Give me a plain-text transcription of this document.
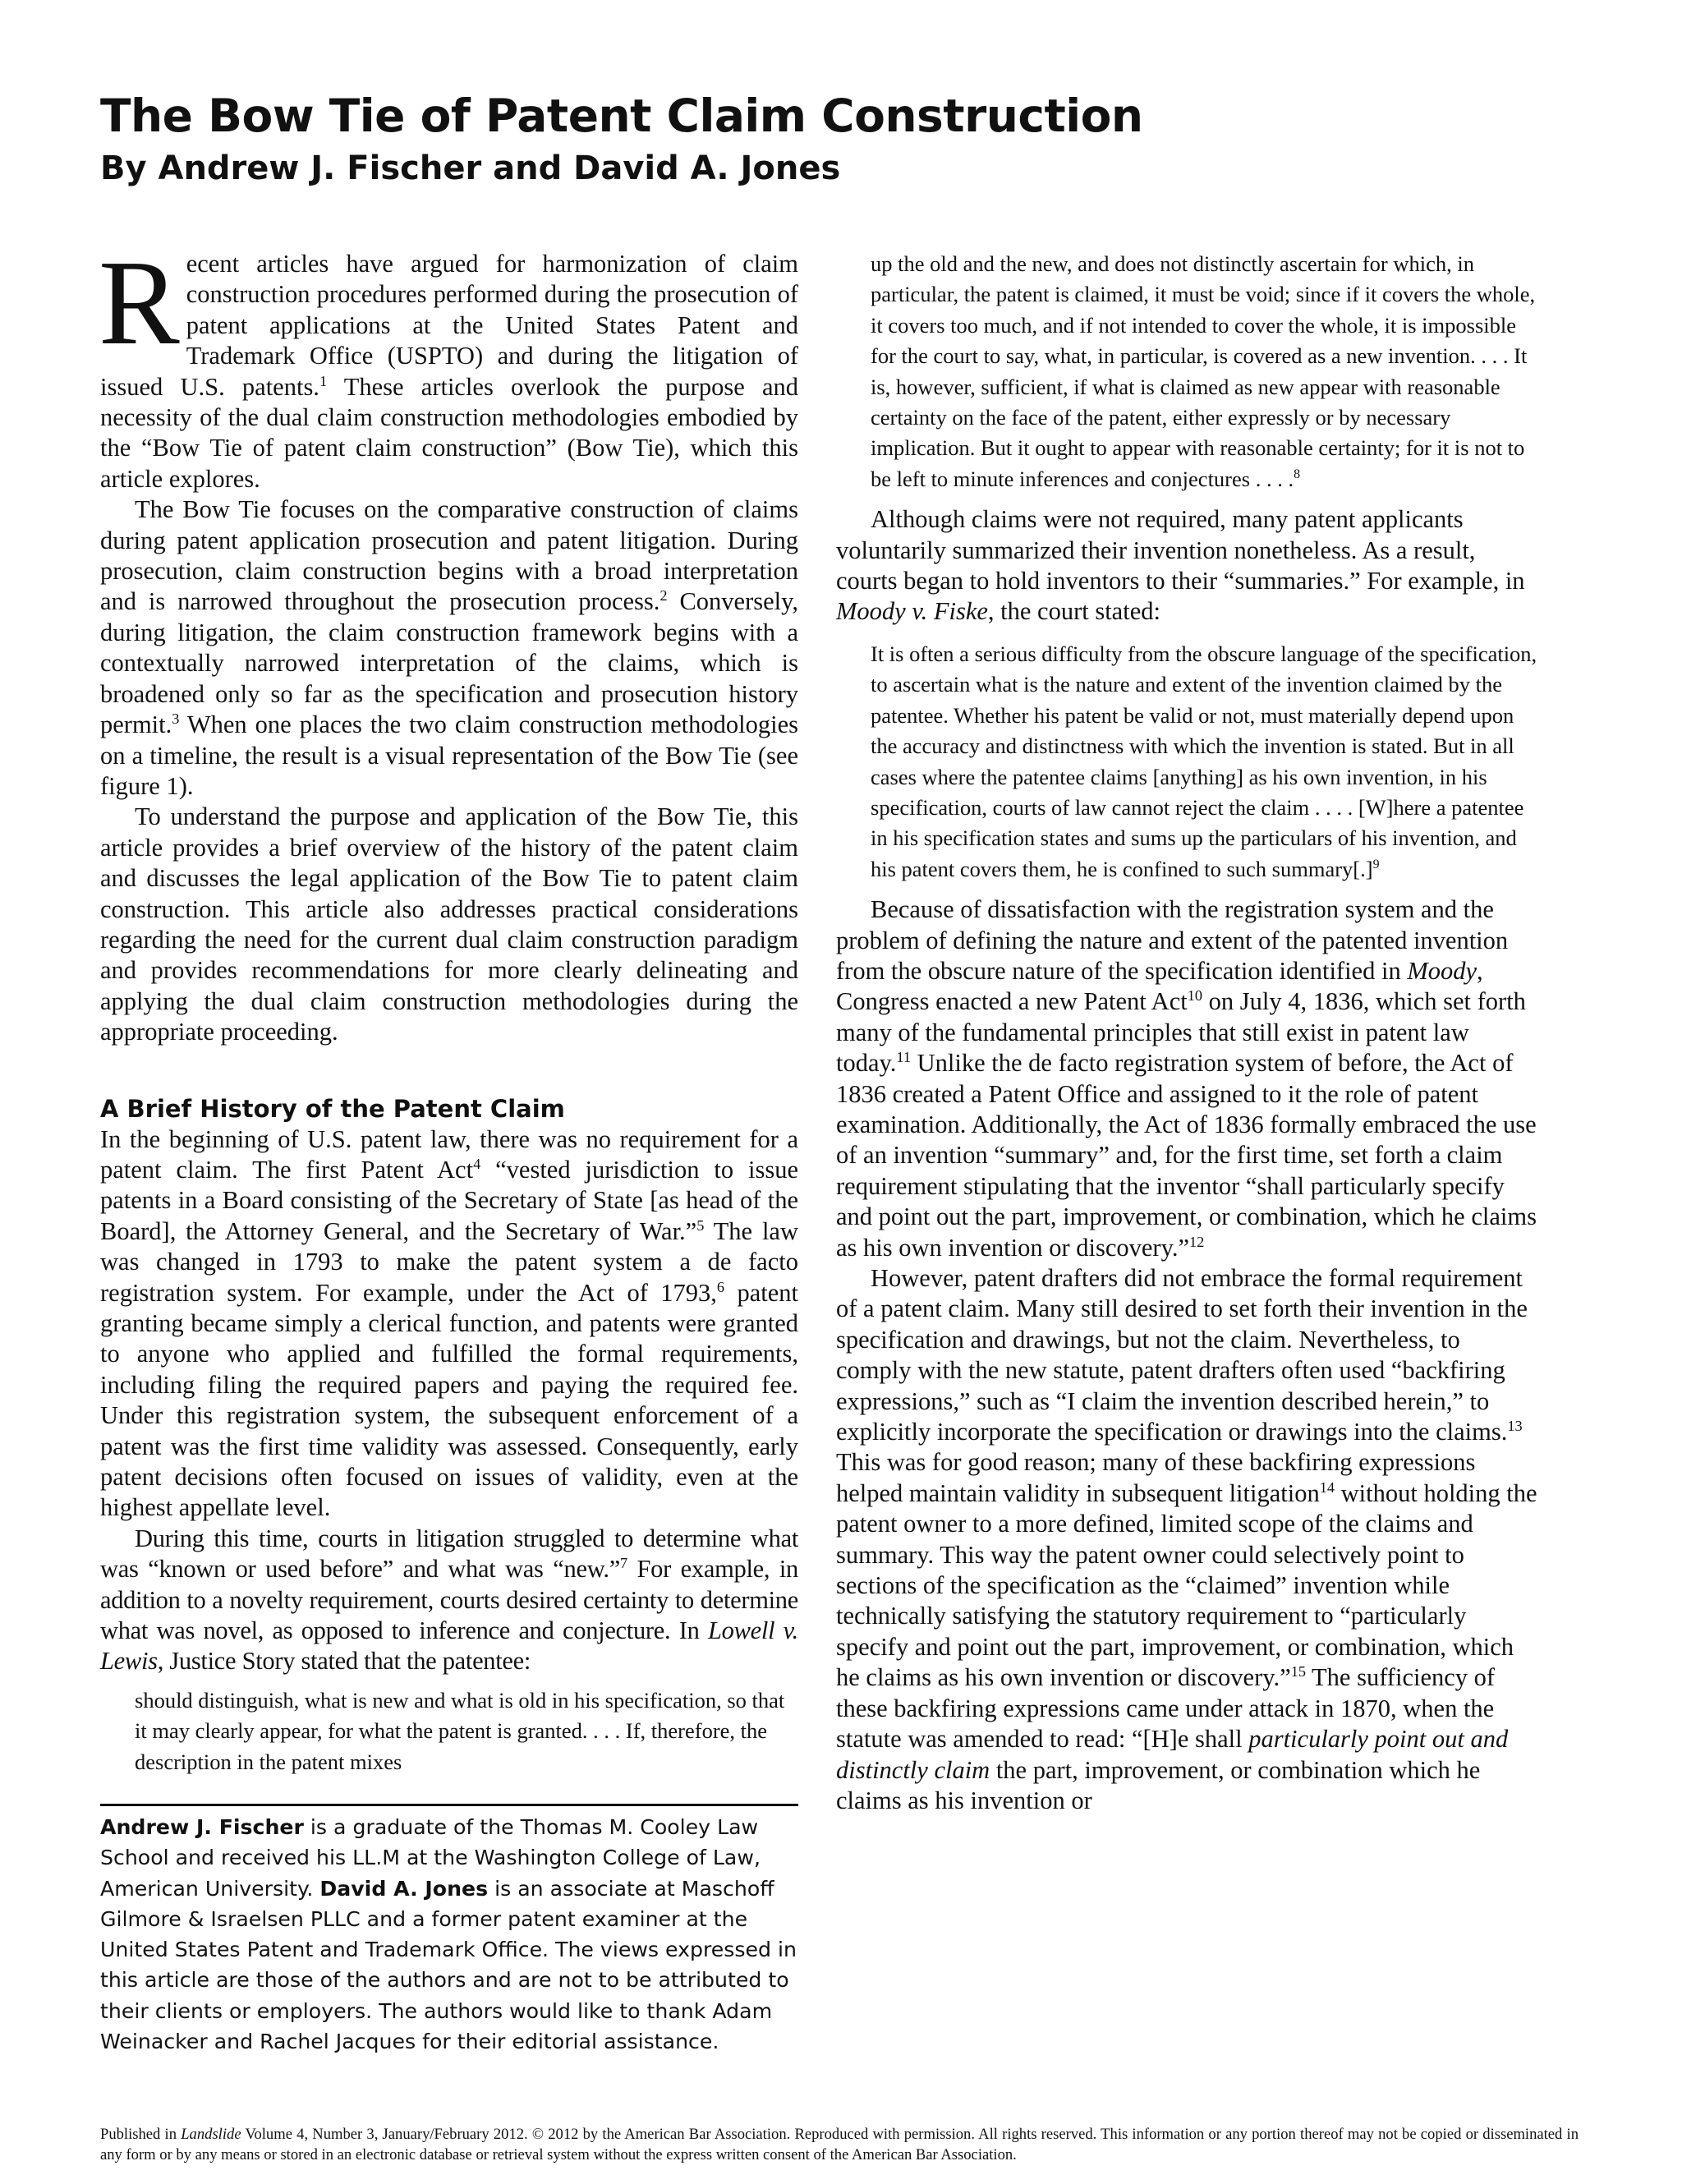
The Bow Tie of Patent Claim Construction
By Andrew J. Fischer and David A. Jones

Recent articles have argued for harmonization of claim construction procedures performed during the prosecution of patent applications at the United States Patent and Trademark Office (USPTO) and during the litigation of issued U.S. patents.$^1$ These articles overlook the purpose and necessity of the dual claim construction methodologies embodied by the “Bow Tie of patent claim construction” (Bow Tie), which this article explores.

The Bow Tie focuses on the comparative construction of claims during patent application prosecution and patent litigation. During prosecution, claim construction begins with a broad interpretation and is narrowed throughout the prosecution process.$^2$ Conversely, during litigation, the claim construction framework begins with a contextually narrowed interpretation of the claims, which is broadened only so far as the specification and prosecution history permit.$^3$ When one places the two claim construction methodologies on a timeline, the result is a visual representation of the Bow Tie (see figure 1).

To understand the purpose and application of the Bow Tie, this article provides a brief overview of the history of the patent claim and discusses the legal application of the Bow Tie to patent claim construction. This article also addresses practical considerations regarding the need for the current dual claim construction paradigm and provides recommendations for more clearly delineating and applying the dual claim construction methodologies during the appropriate proceeding.

A Brief History of the Patent Claim

In the beginning of U.S. patent law, there was no requirement for a patent claim. The first Patent Act$^4$ “vested jurisdiction to issue patents in a Board consisting of the Secretary of State [as head of the Board], the Attorney General, and the Secretary of War.”$^5$ The law was changed in 1793 to make the patent system a de facto registration system. For example, under the Act of 1793,$^6$ patent granting became simply a clerical function, and patents were granted to anyone who applied and fulfilled the formal requirements, including filing the required papers and paying the required fee. Under this registration system, the subsequent enforcement of a patent was the first time validity was assessed. Consequently, early patent decisions often focused on issues of validity, even at the highest appellate level.

During this time, courts in litigation struggled to determine what was “known or used before” and what was “new.”$^7$ For example, in addition to a novelty requirement, courts desired certainty to determine what was novel, as opposed to inference and conjecture. In Lowell v. Lewis, Justice Story stated that the patentee:

should distinguish, what is new and what is old in his specification, so that it may clearly appear, for what the patent is granted. . . . If, therefore, the description in the patent mixes

Andrew J. Fischer is a graduate of the Thomas M. Cooley Law School and received his LL.M at the Washington College of Law, American University. David A. Jones is an associate at Maschoff Gilmore & Israelsen PLLC and a former patent examiner at the United States Patent and Trademark Office. The views expressed in this article are those of the authors and are not to be attributed to their clients or employers. The authors would like to thank Adam Weinacker and Rachel Jacques for their editorial assistance.

up the old and the new, and does not distinctly ascertain for which, in particular, the patent is claimed, it must be void; since if it covers the whole, it covers too much, and if not intended to cover the whole, it is impossible for the court to say, what, in particular, is covered as a new invention. . . . It is, however, sufficient, if what is claimed as new appear with reasonable certainty on the face of the patent, either expressly or by necessary implication. But it ought to appear with reasonable certainty; for it is not to be left to minute inferences and conjectures . . . .$^8$

Although claims were not required, many patent applicants voluntarily summarized their invention nonetheless. As a result, courts began to hold inventors to their “summaries.” For example, in Moody v. Fiske, the court stated:

It is often a serious difficulty from the obscure language of the specification, to ascertain what is the nature and extent of the invention claimed by the patentee. Whether his patent be valid or not, must materially depend upon the accuracy and distinctness with which the invention is stated. But in all cases where the patentee claims [anything] as his own invention, in his specification, courts of law cannot reject the claim . . . . [W]here a patentee in his specification states and sums up the particulars of his invention, and his patent covers them, he is confined to such summary[.]$^9$

Because of dissatisfaction with the registration system and the problem of defining the nature and extent of the patented invention from the obscure nature of the specification identified in Moody, Congress enacted a new Patent Act$^{10}$ on July 4, 1836, which set forth many of the fundamental principles that still exist in patent law today.$^{11}$ Unlike the de facto registration system of before, the Act of 1836 created a Patent Office and assigned to it the role of patent examination. Additionally, the Act of 1836 formally embraced the use of an invention “summary” and, for the first time, set forth a claim requirement stipulating that the inventor “shall particularly specify and point out the part, improvement, or combination, which he claims as his own invention or discovery.”$^{12}$

However, patent drafters did not embrace the formal requirement of a patent claim. Many still desired to set forth their invention in the specification and drawings, but not the claim. Nevertheless, to comply with the new statute, patent drafters often used “backfiring expressions,” such as “I claim the invention described herein,” to explicitly incorporate the specification or drawings into the claims.$^{13}$ This was for good reason; many of these backfiring expressions helped maintain validity in subsequent litigation$^{14}$ without holding the patent owner to a more defined, limited scope of the claims and summary. This way the patent owner could selectively point to sections of the specification as the “claimed” invention while technically satisfying the statutory requirement to “particularly specify and point out the part, improvement, or combination, which he claims as his own invention or discovery.”$^{15}$ The sufficiency of these backfiring expressions came under attack in 1870, when the statute was amended to read: “[H]e shall particularly point out and distinctly claim the part, improvement, or combination which he claims as his invention or

Published in Landslide Volume 4, Number 3, January/February 2012. © 2012 by the American Bar Association. Reproduced with permission. All rights reserved. This information or any portion thereof may not be copied or disseminated in any form or by any means or stored in an electronic database or retrieval system without the express written consent of the American Bar Association.
